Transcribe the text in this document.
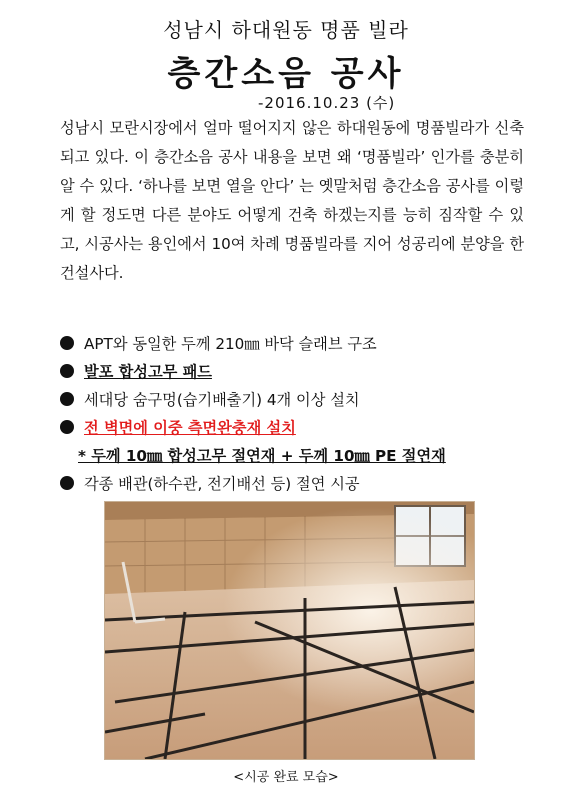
성남시 하대원동 명품 빌라
층간소음 공사
-2016.10.23 (수)
성남시 모란시장에서 얼마 떨어지지 않은 하대원동에 명품빌라가 신축되고 있다. 이 층간소음 공사 내용을 보면 왜 ‘명품빌라’ 인가를 충분히 알 수 있다. ‘하나를 보면 열을 안다’ 는 옛말처럼 층간소음 공사를 이렇게 할 정도면 다른 분야도 어떻게 건축 하겠는지를 능히 짐작할 수 있고, 시공사는 용인에서 10여 차례 명품빌라를 지어 성공리에 분양을 한 건설사다.
APT와 동일한 두께 210㎜ 바닥 슬래브 구조
발포 합성고무 패드
세대당 숨구멍(습기배출기) 4개 이상 설치
전 벽면에 이중 측면완충재 설치
* 두께 10㎜ 합성고무 절연재 + 두께 10㎜ PE 절연재
각종 배관(하수관, 전기배선 등) 절연 시공
<시공 완료 모습>
